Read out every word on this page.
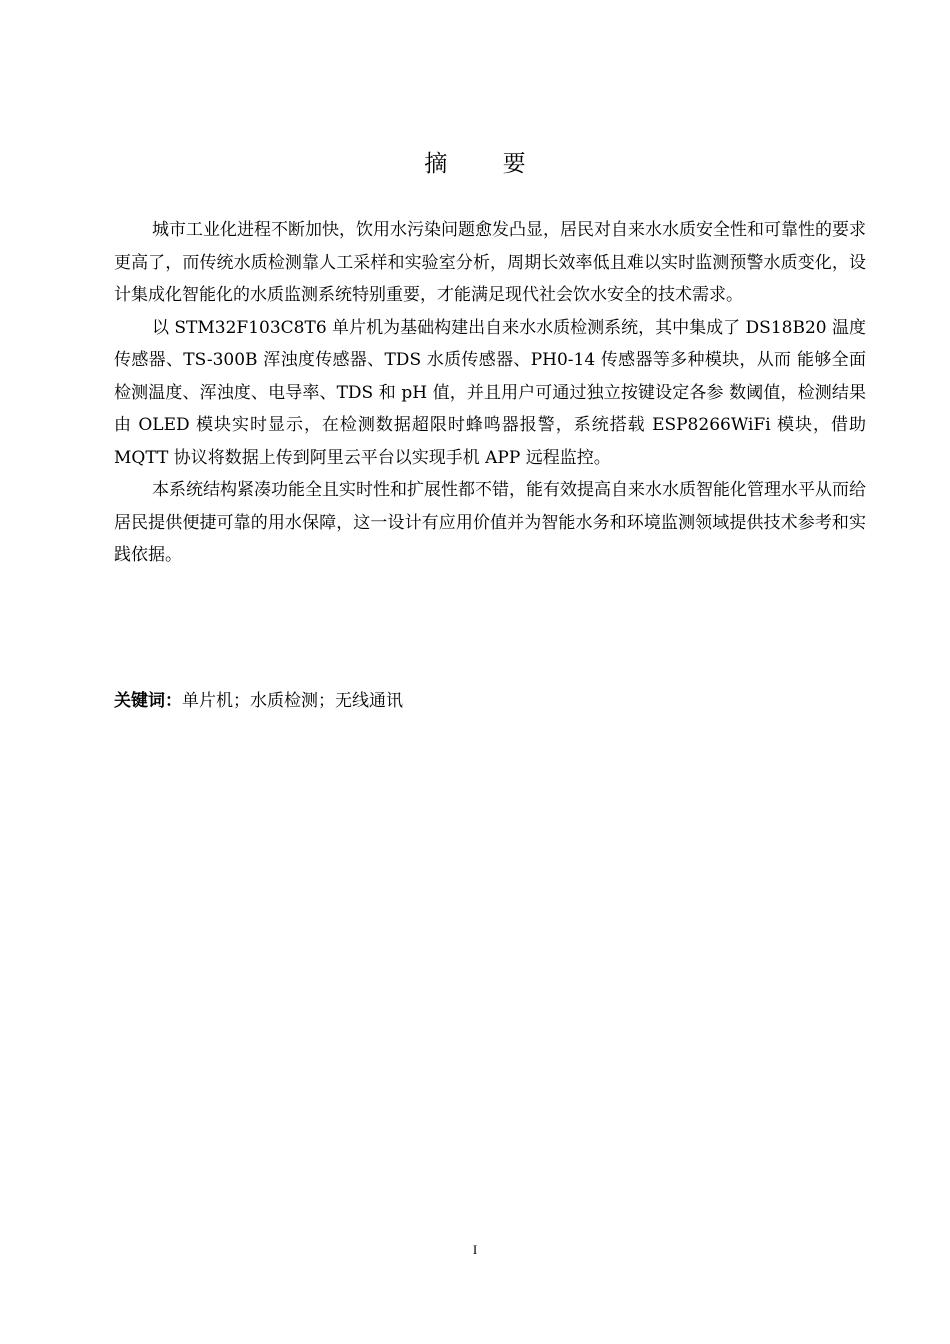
摘 要

城市工业化进程不断加快，饮用水污染问题愈发凸显，居民对自来水水质安全性和可靠性的要求更高了，而传统水质检测靠人工采样和实验室分析，周期长效率低且难以实时监测预警水质变化，设计集成化智能化的水质监测系统特别重要，才能满足现代社会饮水安全的技术需求。

以 STM32F103C8T6 单片机为基础构建出自来水水质检测系统，其中集成了 DS18B20 温度传感器、TS-300B 浑浊度传感器、TDS 水质传感器、PH0-14 传感器等多种模块，从而 能够全面检测温度、浑浊度、电导率、TDS 和 pH 值，并且用户可通过独立按键设定各参 数阈值，检测结果由 OLED 模块实时显示，在检测数据超限时蜂鸣器报警，系统搭载 ESP8266WiFi 模块，借助 MQTT 协议将数据上传到阿里云平台以实现手机 APP 远程监控。

本系统结构紧凑功能全且实时性和扩展性都不错，能有效提高自来水水质智能化管理水平从而给居民提供便捷可靠的用水保障，这一设计有应用价值并为智能水务和环境监测领域提供技术参考和实践依据。

关键词：单片机；水质检测；无线通讯
I
